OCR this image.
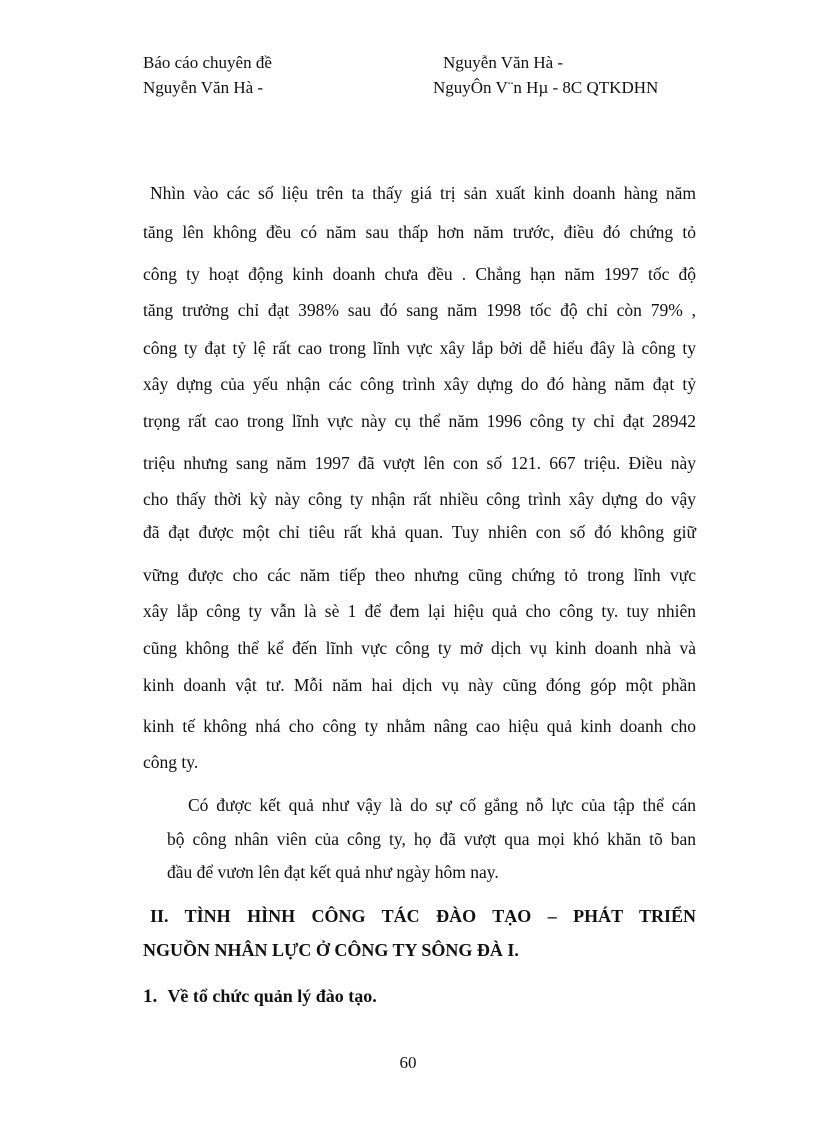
Báo cáo chuyên đề
Nguyễn Văn Hà -
Nguyễn Văn Hà -
NguyÔn V¨n Hµ - 8C QTKDHN
Nhìn vào các số liệu trên ta thấy giá trị sản xuất kinh doanh hàng năm
tăng lên không đều có năm sau thấp hơn năm trước, điều đó chứng tỏ
công ty hoạt động kinh doanh chưa đều . Chẳng hạn năm 1997 tốc độ
tăng trưởng chỉ đạt 398% sau đó sang năm 1998 tốc độ chỉ còn 79% ,
công ty đạt tỷ lệ rất cao trong lĩnh vực xây lắp bởi dễ hiểu đây là công ty
xây dựng của yếu nhận các công trình xây dựng do đó hàng năm đạt tỷ
trọng rất cao trong lĩnh vực này cụ thể năm 1996 công ty chỉ đạt 28942
triệu nhưng sang năm 1997 đã vượt lên con số 121. 667 triệu. Điều này
cho thấy thời kỳ này công ty nhận rất nhiều công trình xây dựng do vậy
đã đạt được một chỉ tiêu rất khả quan. Tuy nhiên con số đó không giữ
vững được cho các năm tiếp theo nhưng cũng chứng tỏ trong lĩnh vực
xây lắp công ty vẫn là sè 1 để đem lại hiệu quả cho công ty. tuy nhiên
cũng không thể kể đến lĩnh vực công ty mở dịch vụ kinh doanh nhà và
kinh doanh vật tư. Mỗi năm hai dịch vụ này cũng đóng góp một phần
kinh tế không nhá cho công ty nhằm nâng cao hiệu quả kinh doanh cho
công ty.
Có được kết quả như vậy là do sự cố gắng nỗ lực của tập thể cán
bộ công nhân viên của công ty, họ đã vượt qua mọi khó khăn tõ ban
đầu để vươn lên đạt kết quả như ngày hôm nay.
II. TÌNH HÌNH CÔNG TÁC ĐÀO TẠO – PHÁT TRIỂN
NGUỒN NHÂN LỰC Ở CÔNG TY SÔNG ĐÀ I.
1. Về tổ chức quản lý đào tạo.
60
